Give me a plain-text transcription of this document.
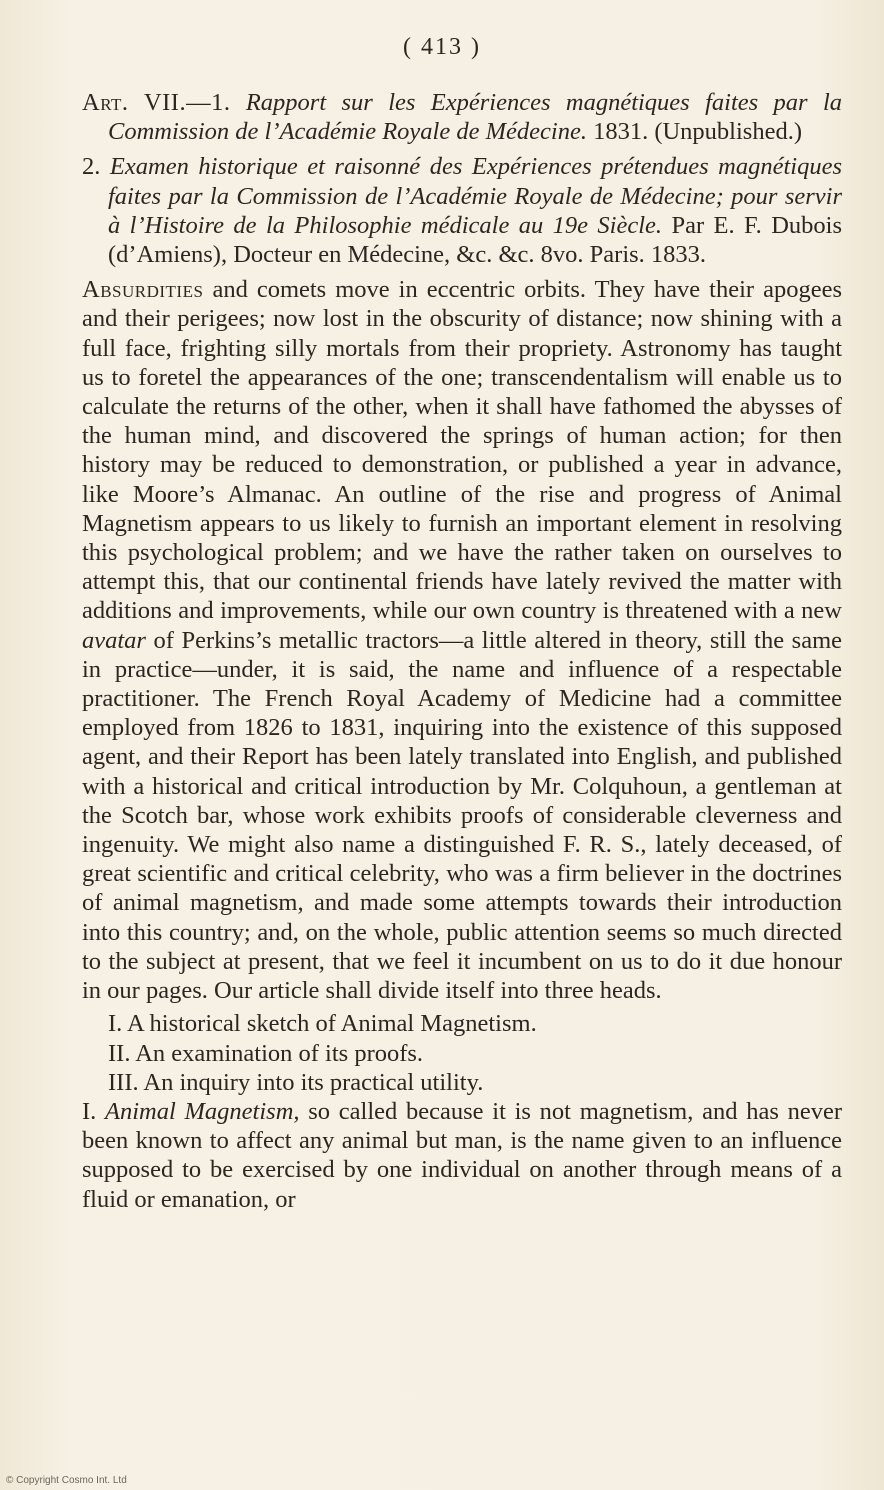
( 413 )
Art. VII.—1. Rapport sur les Expériences magnétiques faites par la Commission de l’Académie Royale de Médecine. 1831. (Unpublished.)
2. Examen historique et raisonné des Expériences prétendues magnétiques faites par la Commission de l’Académie Royale de Médecine; pour servir à l’Histoire de la Philosophie médicale au 19e Siècle. Par E. F. Dubois (d’Amiens), Docteur en Médecine, &c. &c. 8vo. Paris. 1833.

Absurdities and comets move in eccentric orbits. They have their apogees and their perigees; now lost in the obscurity of distance; now shining with a full face, frighting silly mortals from their propriety. Astronomy has taught us to foretel the appearances of the one; transcendentalism will enable us to calculate the returns of the other, when it shall have fathomed the abysses of the human mind, and discovered the springs of human action; for then history may be reduced to demonstration, or published a year in advance, like Moore’s Almanac. An outline of the rise and progress of Animal Magnetism appears to us likely to furnish an important element in resolving this psychological problem; and we have the rather taken on ourselves to attempt this, that our continental friends have lately revived the matter with additions and improvements, while our own country is threatened with a new avatar of Perkins’s metallic tractors—a little altered in theory, still the same in practice—under, it is said, the name and influence of a respectable practitioner. The French Royal Academy of Medicine had a committee employed from 1826 to 1831, inquiring into the existence of this supposed agent, and their Report has been lately translated into English, and published with a historical and critical introduction by Mr. Colquhoun, a gentleman at the Scotch bar, whose work exhibits proofs of considerable cleverness and ingenuity. We might also name a distinguished F. R. S., lately deceased, of great scientific and critical celebrity, who was a firm believer in the doctrines of animal magnetism, and made some attempts towards their introduction into this country; and, on the whole, public attention seems so much directed to the subject at present, that we feel it incumbent on us to do it due honour in our pages. Our article shall divide itself into three heads.

I. A historical sketch of Animal Magnetism.
II. An examination of its proofs.
III. An inquiry into its practical utility.

I. Animal Magnetism, so called because it is not magnetism, and has never been known to affect any animal but man, is the name given to an influence supposed to be exercised by one individual on another through means of a fluid or emanation, or

© Copyright Cosmo Int. Ltd
